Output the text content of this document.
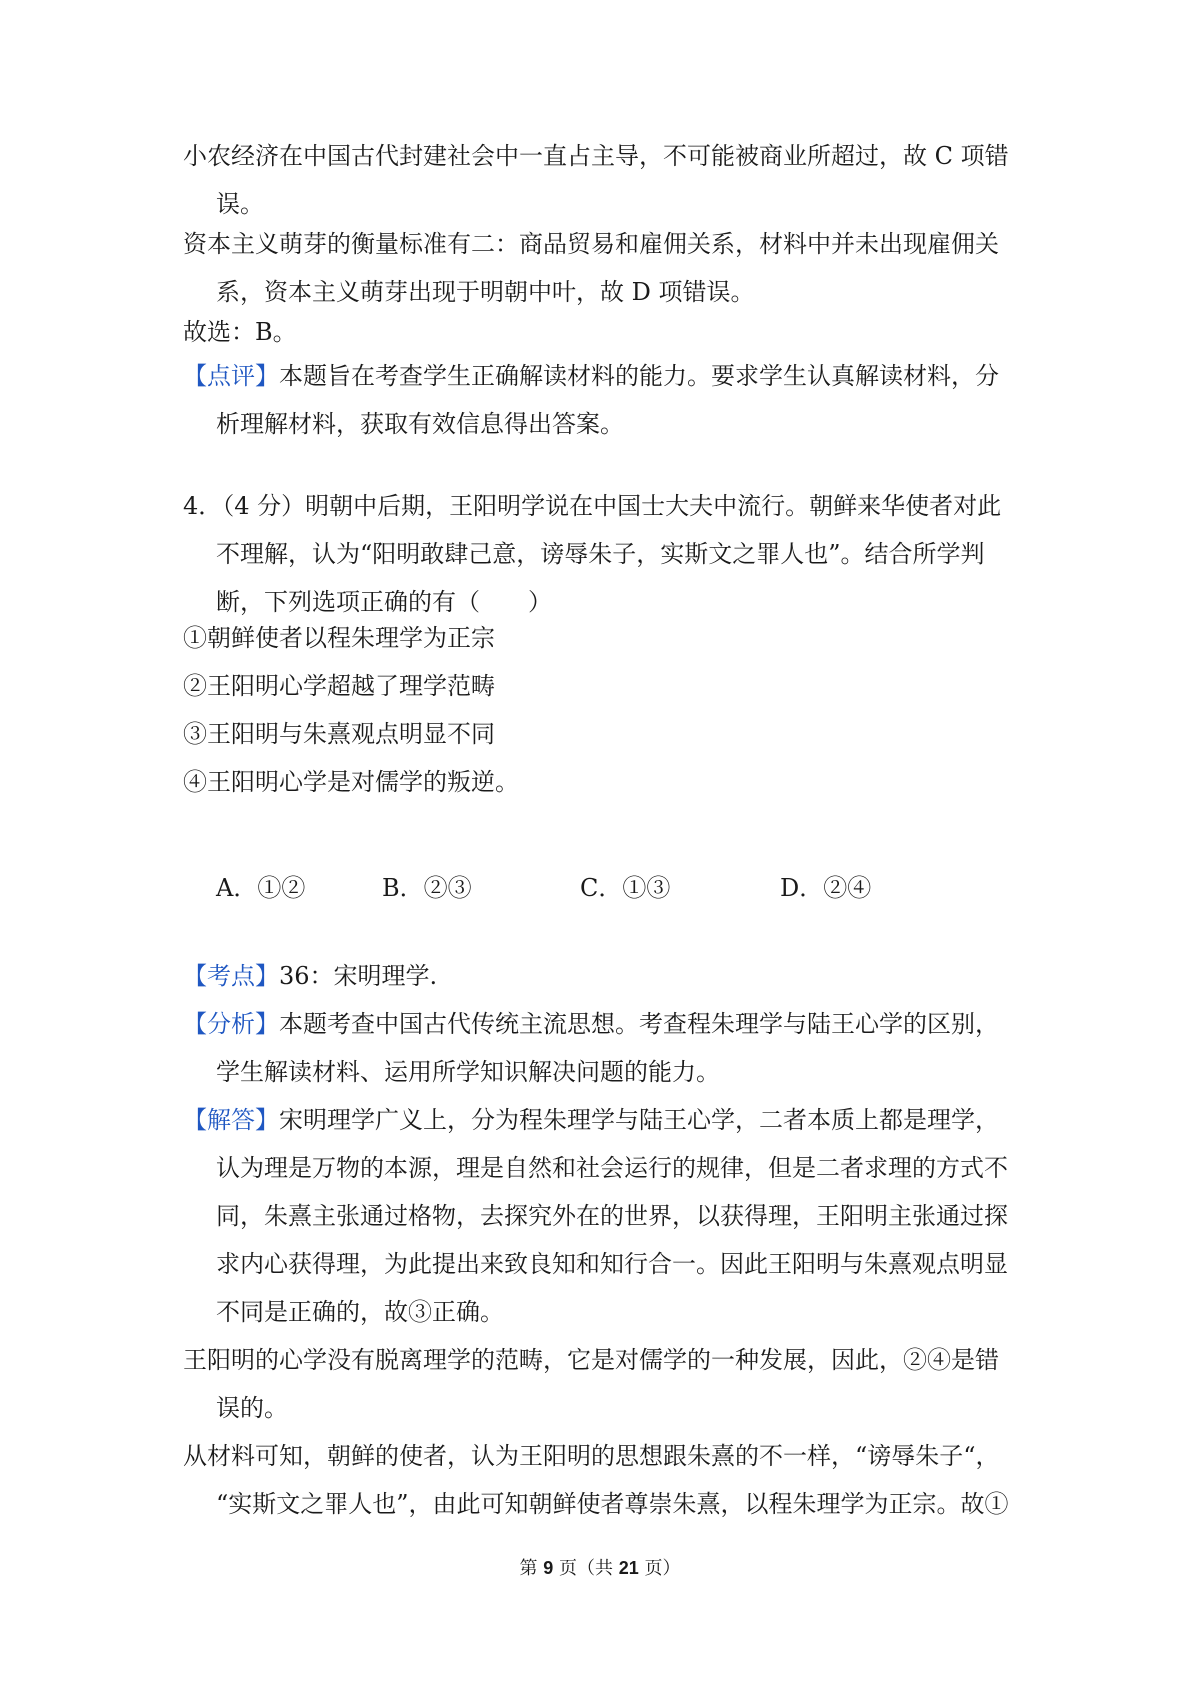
小农经济在中国古代封建社会中一直占主导，不可能被商业所超过，故 C 项错
误。
资本主义萌芽的衡量标准有二：商品贸易和雇佣关系，材料中并未出现雇佣关
系，资本主义萌芽出现于明朝中叶，故 D 项错误。
故选：B。
【点评】本题旨在考查学生正确解读材料的能力。要求学生认真解读材料，分
析理解材料，获取有效信息得出答案。
4．（4 分）明朝中后期，王阳明学说在中国士大夫中流行。朝鲜来华使者对此
不理解，认为“阳明敢肆己意，谤辱朱子，实斯文之罪人也”。结合所学判
断，下列选项正确的有（　　）
①朝鲜使者以程朱理学为正宗
②王阳明心学超越了理学范畴
③王阳明与朱熹观点明显不同
④王阳明心学是对儒学的叛逆。
A．①②	B．②③	C．①③	D．②④
【考点】36：宋明理学.
【分析】本题考查中国古代传统主流思想。考查程朱理学与陆王心学的区别，
学生解读材料、运用所学知识解决问题的能力。
【解答】宋明理学广义上，分为程朱理学与陆王心学，二者本质上都是理学，
认为理是万物的本源，理是自然和社会运行的规律，但是二者求理的方式不
同，朱熹主张通过格物，去探究外在的世界，以获得理，王阳明主张通过探
求内心获得理，为此提出来致良知和知行合一。因此王阳明与朱熹观点明显
不同是正确的，故③正确。
王阳明的心学没有脱离理学的范畴，它是对儒学的一种发展，因此，②④是错
误的。
从材料可知，朝鲜的使者，认为王阳明的思想跟朱熹的不一样，“谤辱朱子“，
“实斯文之罪人也”，由此可知朝鲜使者尊崇朱熹，以程朱理学为正宗。故①
第 9 页（共 21 页）
